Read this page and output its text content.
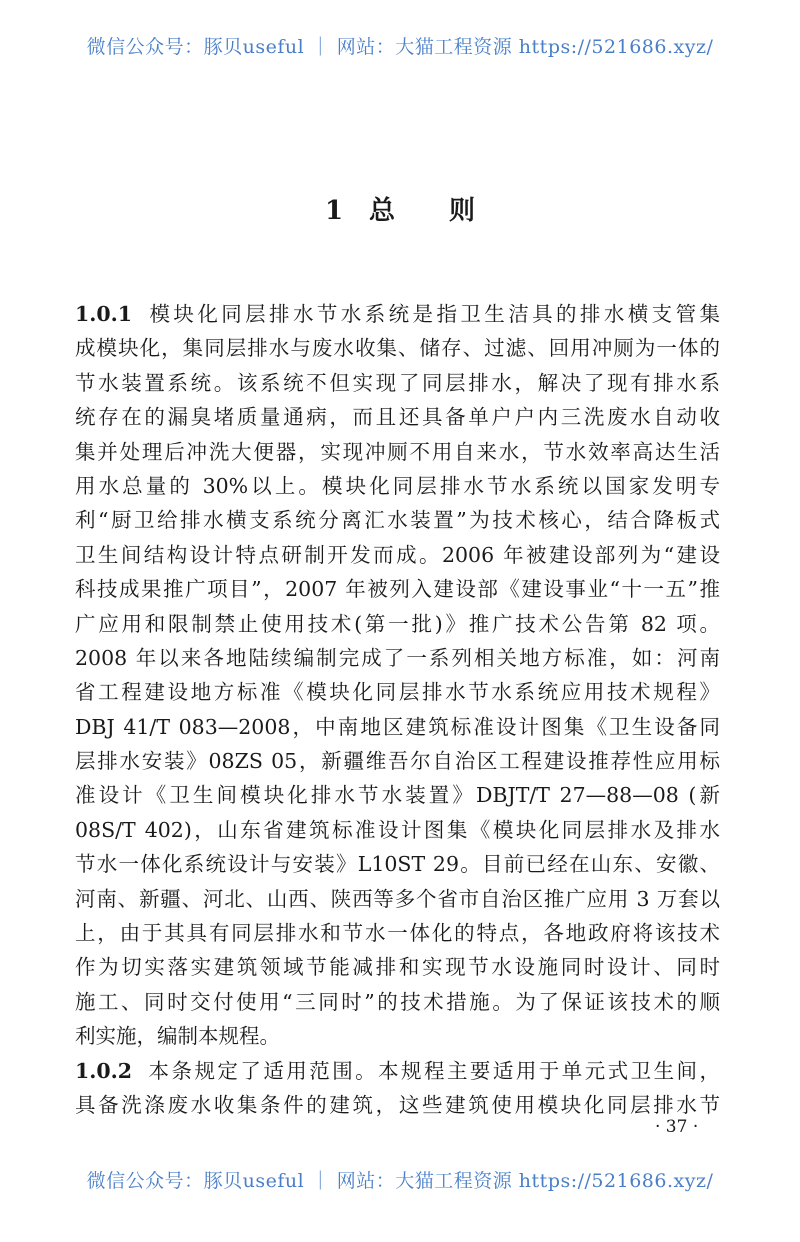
微信公众号：豚贝useful ｜ 网站：大猫工程资源 https://521686.xyz/
1 总 则
1.0.1 模块化同层排水节水系统是指卫生洁具的排水横支管集
成模块化，集同层排水与废水收集、储存、过滤、回用冲厕为一体的
节水装置系统。该系统不但实现了同层排水，解决了现有排水系
统存在的漏臭堵质量通病，而且还具备单户户内三洗废水自动收
集并处理后冲洗大便器，实现冲厕不用自来水，节水效率高达生活
用水总量的 30%以上。模块化同层排水节水系统以国家发明专
利“厨卫给排水横支系统分离汇水装置”为技术核心，结合降板式
卫生间结构设计特点研制开发而成。2006 年被建设部列为“建设
科技成果推广项目”，2007 年被列入建设部《建设事业“十一五”推
广应用和限制禁止使用技术(第一批)》推广技术公告第 82 项。
2008 年以来各地陆续编制完成了一系列相关地方标准，如：河南
省工程建设地方标准《模块化同层排水节水系统应用技术规程》
DBJ 41/T 083—2008，中南地区建筑标准设计图集《卫生设备同
层排水安装》08ZS 05，新疆维吾尔自治区工程建设推荐性应用标
准设计《卫生间模块化排水节水装置》DBJT/T 27—88—08 (新
08S/T 402)，山东省建筑标准设计图集《模块化同层排水及排水
节水一体化系统设计与安装》L10ST 29。目前已经在山东、安徽、
河南、新疆、河北、山西、陕西等多个省市自治区推广应用 3 万套以
上，由于其具有同层排水和节水一体化的特点，各地政府将该技术
作为切实落实建筑领域节能减排和实现节水设施同时设计、同时
施工、同时交付使用“三同时”的技术措施。为了保证该技术的顺
利实施，编制本规程。
1.0.2 本条规定了适用范围。本规程主要适用于单元式卫生间，
具备洗涤废水收集条件的建筑，这些建筑使用模块化同层排水节
· 37 ·
微信公众号：豚贝useful ｜ 网站：大猫工程资源 https://521686.xyz/
